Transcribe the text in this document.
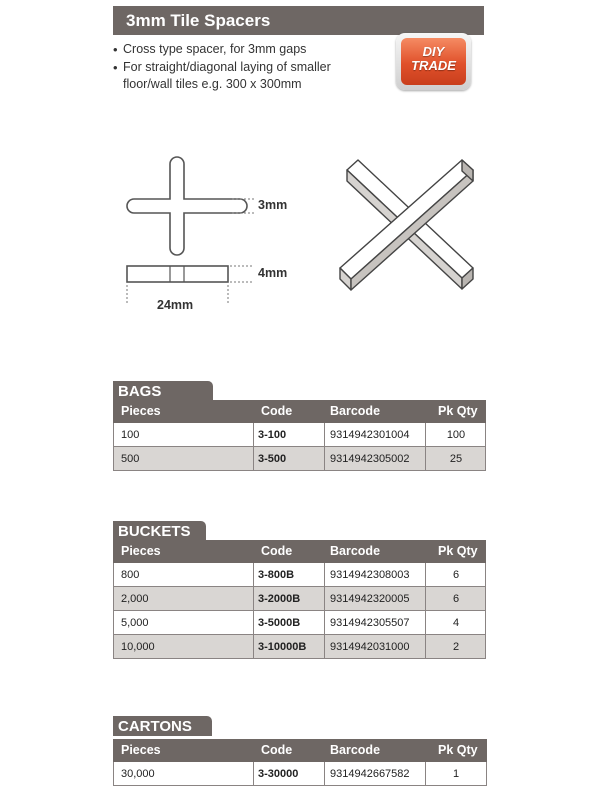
3mm Tile Spacers
• Cross type spacer, for 3mm gaps
• For straight/diagonal laying of smaller floor/wall tiles e.g. 300 x 300mm
DIY
TRADE
3mm
4mm
24mm
BAGS
Pieces	Code	Barcode	Pk Qty
100	3-100	9314942301004	100
500	3-500	9314942305002	25
BUCKETS
Pieces	Code	Barcode	Pk Qty
800	3-800B	9314942308003	6
2,000	3-2000B	9314942320005	6
5,000	3-5000B	9314942305507	4
10,000	3-10000B 9314942031000	2
CARTONS
Pieces	Code	Barcode	Pk Qty
30,000	3-30000	9314942667582	1
